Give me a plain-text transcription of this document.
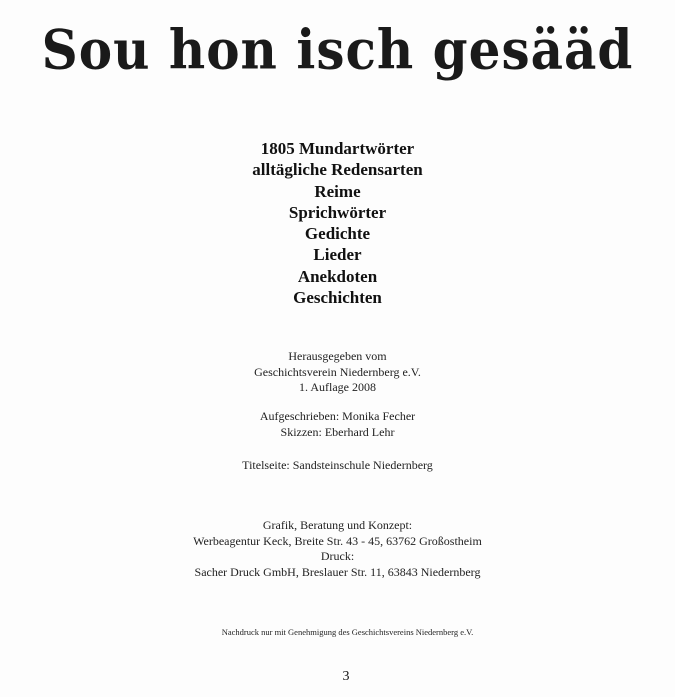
Sou hon isch gesääd
1805 Mundartwörter
alltägliche Redensarten
Reime
Sprichwörter
Gedichte
Lieder
Anekdoten
Geschichten
Herausgegeben vom
Geschichtsverein Niedernberg e.V.
1. Auflage 2008
Aufgeschrieben: Monika Fecher
Skizzen: Eberhard Lehr
Titelseite: Sandsteinschule Niedernberg
Grafik, Beratung und Konzept:
Werbeagentur Keck, Breite Str. 43 - 45, 63762 Großostheim
Druck:
Sacher Druck GmbH, Breslauer Str. 11, 63843 Niedernberg
Nachdruck nur mit Genehmigung des Geschichtsvereins Niedernberg e.V.
3
